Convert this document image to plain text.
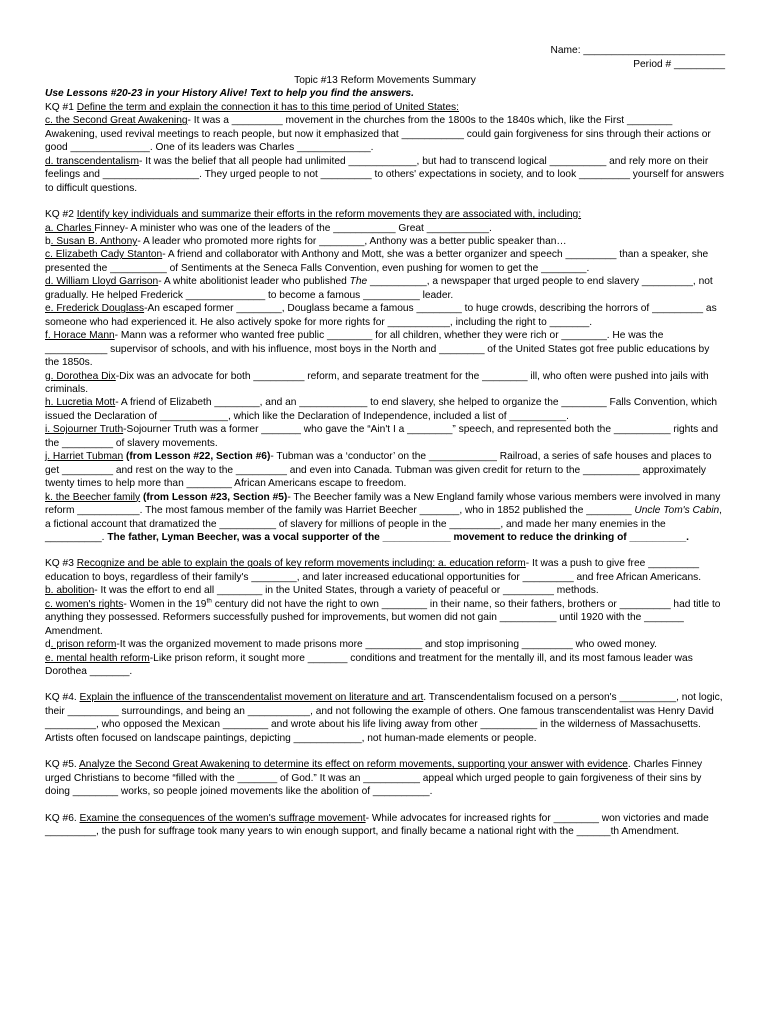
Name: _________________________
Period # _________

Topic #13 Reform Movements Summary

Use Lessons #20-23 in your History Alive! Text to help you find the answers.

KQ #1 Define the term and explain the connection it has to this time period of United States:

c. the Second Great Awakening- It was a _________ movement in the churches from the 1800s to the 1840s which, like the First ________ Awakening, used revival meetings to reach people, but now it emphasized that ___________ could gain forgiveness for sins through their actions or good ______________. One of its leaders was Charles _____________.

d. transcendentalism- It was the belief that all people had unlimited ____________, but had to transcend logical __________ and rely more on their feelings and _________________. They urged people to not _________ to others' expectations in society, and to look _________ yourself for answers to difficult questions.

KQ #2 Identify key individuals and summarize their efforts in the reform movements they are associated with, including:

a. Charles Finney- A minister who was one of the leaders of the ___________ Great ___________.

b. Susan B. Anthony- A leader who promoted more rights for ________, Anthony was a better public speaker than…

c. Elizabeth Cady Stanton- A friend and collaborator with Anthony and Mott, she was a better organizer and speech _________ than a speaker, she presented the __________ of Sentiments at the Seneca Falls Convention, even pushing for women to get the ________.

d. William Lloyd Garrison- A white abolitionist leader who published The __________, a newspaper that urged people to end slavery _________, not gradually. He helped Frederick ______________ to become a famous __________ leader.

e. Frederick Douglass-An escaped former ________, Douglass became a famous ________ to huge crowds, describing the horrors of _________ as someone who had experienced it. He also actively spoke for more rights for ___________, including the right to _______.

f. Horace Mann- Mann was a reformer who wanted free public ________ for all children, whether they were rich or ________. He was the ___________ supervisor of schools, and with his influence, most boys in the North and ________ of the United States got free public educations by the 1850s.

g. Dorothea Dix-Dix was an advocate for both _________ reform, and separate treatment for the ________ ill, who often were pushed into jails with criminals.

h. Lucretia Mott- A friend of Elizabeth ________, and an ____________ to end slavery, she helped to organize the ________ Falls Convention, which issued the Declaration of ____________, which like the Declaration of Independence, included a list of __________.

i. Sojourner Truth-Sojourner Truth was a former _______ who gave the “Ain't I a ________” speech, and represented both the __________ rights and the _________ of slavery movements.

j. Harriet Tubman (from Lesson #22, Section #6)- Tubman was a ‘conductor’ on the ____________ Railroad, a series of safe houses and places to get _________ and rest on the way to the _________ and even into Canada. Tubman was given credit for return to the __________ approximately twenty times to help more than ________ African Americans escape to freedom.

k. the Beecher family (from Lesson #23, Section #5)- The Beecher family was a New England family whose various members were involved in many reform ___________. The most famous member of the family was Harriet Beecher _______, who in 1852 published the ________ Uncle Tom's Cabin, a fictional account that dramatized the __________ of slavery for millions of people in the _________, and made her many enemies in the __________. The father, Lyman Beecher, was a vocal supporter of the ____________ movement to reduce the drinking of __________.

KQ #3 Recognize and be able to explain the goals of key reform movements including: a. education reform- It was a push to give free _________ education to boys, regardless of their family's ________, and later increased educational opportunities for _________ and free African Americans.

b. abolition- It was the effort to end all ________ in the United States, through a variety of peaceful or _________ methods.

c. women's rights- Women in the 19th century did not have the right to own ________ in their name, so their fathers, brothers or _________ had title to anything they possessed. Reformers successfully pushed for improvements, but women did not gain __________ until 1920 with the _______ Amendment.

d. prison reform-It was the organized movement to made prisons more __________ and stop imprisoning _________ who owed money.

e. mental health reform-Like prison reform, it sought more _______ conditions and treatment for the mentally ill, and its most famous leader was Dorothea _______.

KQ #4. Explain the influence of the transcendentalist movement on literature and art. Transcendentalism focused on a person's __________, not logic, their _________ surroundings, and being an ___________, and not following the example of others. One famous transcendentalist was Henry David _________, who opposed the Mexican ________ and wrote about his life living away from other __________ in the wilderness of Massachusetts. Artists often focused on landscape paintings, depicting ____________, not human-made elements or people.

KQ #5. Analyze the Second Great Awakening to determine its effect on reform movements, supporting your answer with evidence. Charles Finney urged Christians to become “filled with the _______ of God.” It was an __________ appeal which urged people to gain forgiveness of their sins by doing ________ works, so people joined movements like the abolition of __________.

KQ #6. Examine the consequences of the women's suffrage movement- While advocates for increased rights for ________ won victories and made _________, the push for suffrage took many years to win enough support, and finally became a national right with the ______th Amendment.
